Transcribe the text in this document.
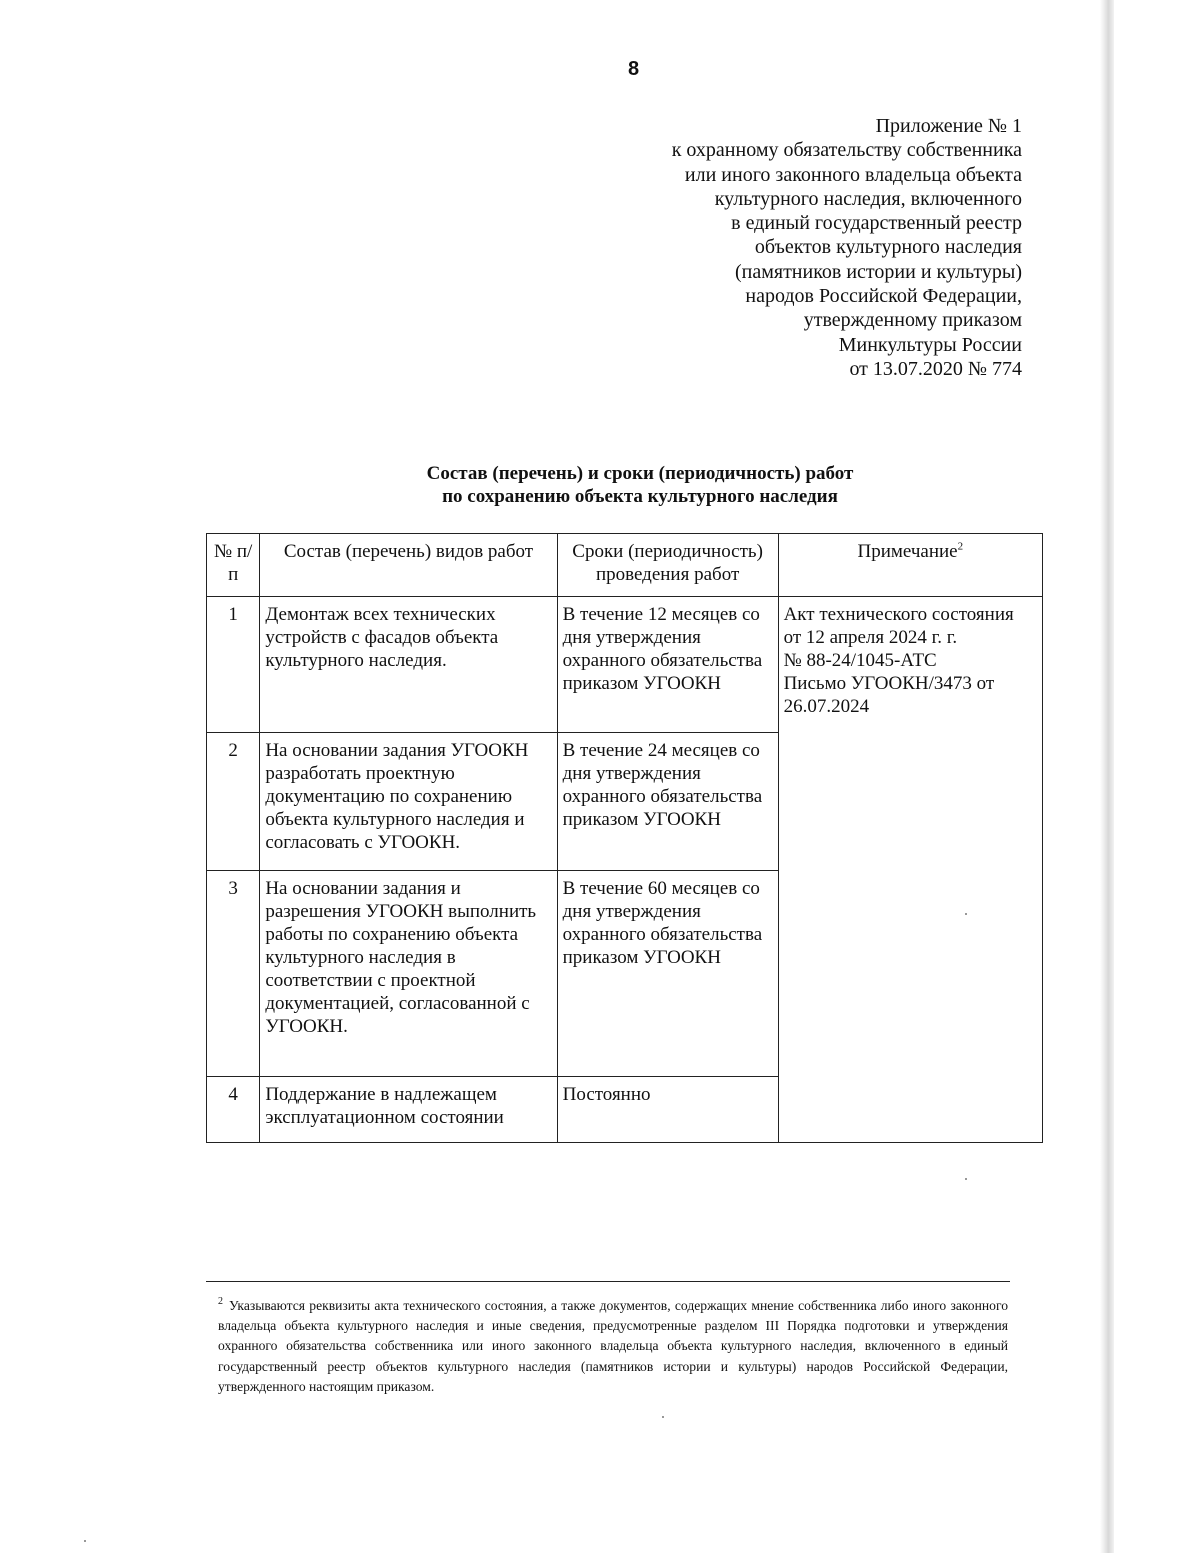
8
Приложение № 1
к охранному обязательству собственника
или иного законного владельца объекта
культурного наследия, включенного
в единый государственный реестр
объектов культурного наследия
(памятников истории и культуры)
народов Российской Федерации,
утвержденному приказом
Минкультуры России
от 13.07.2020 № 774
Состав (перечень) и сроки (периодичность) работ
по сохранению объекта культурного наследия
№ п/п	Состав (перечень) видов работ	Сроки (периодичность) проведения работ	Примечание$^2$
1	Демонтаж всех технических устройств с фасадов объекта культурного наследия.	В течение 12 месяцев со дня утверждения охранного обязательства приказом УГООКН	Акт технического состояния
от 12 апреля 2024 г. г.
№ 88-24/1045-АТС
Письмо УГООКН/3473 от
26.07.2024

2	На основании задания УГООКН разработать проектную документацию по сохранению объекта культурного наследия и согласовать с УГООКН.	В течение 24 месяцев со дня утверждения охранного обязательства приказом УГООКН	
3	На основании задания и разрешения УГООКН выполнить работы по сохранению объекта культурного наследия в соответствии с проектной документацией, согласованной с УГООКН.	В течение 60 месяцев со дня утверждения охранного обязательства приказом УГООКН	
4	Поддержание в надлежащем эксплуатационном состоянии	Постоянно	
$^2$ Указываются реквизиты акта технического состояния, а также документов, содержащих мнение собственника либо иного законного владельца объекта культурного наследия и иные сведения, предусмотренные разделом III Порядка подготовки и утверждения охранного обязательства собственника или иного законного владельца объекта культурного наследия, включенного в единый государственный реестр объектов культурного наследия (памятников истории и культуры) народов Российской Федерации, утвержденного настоящим приказом.
